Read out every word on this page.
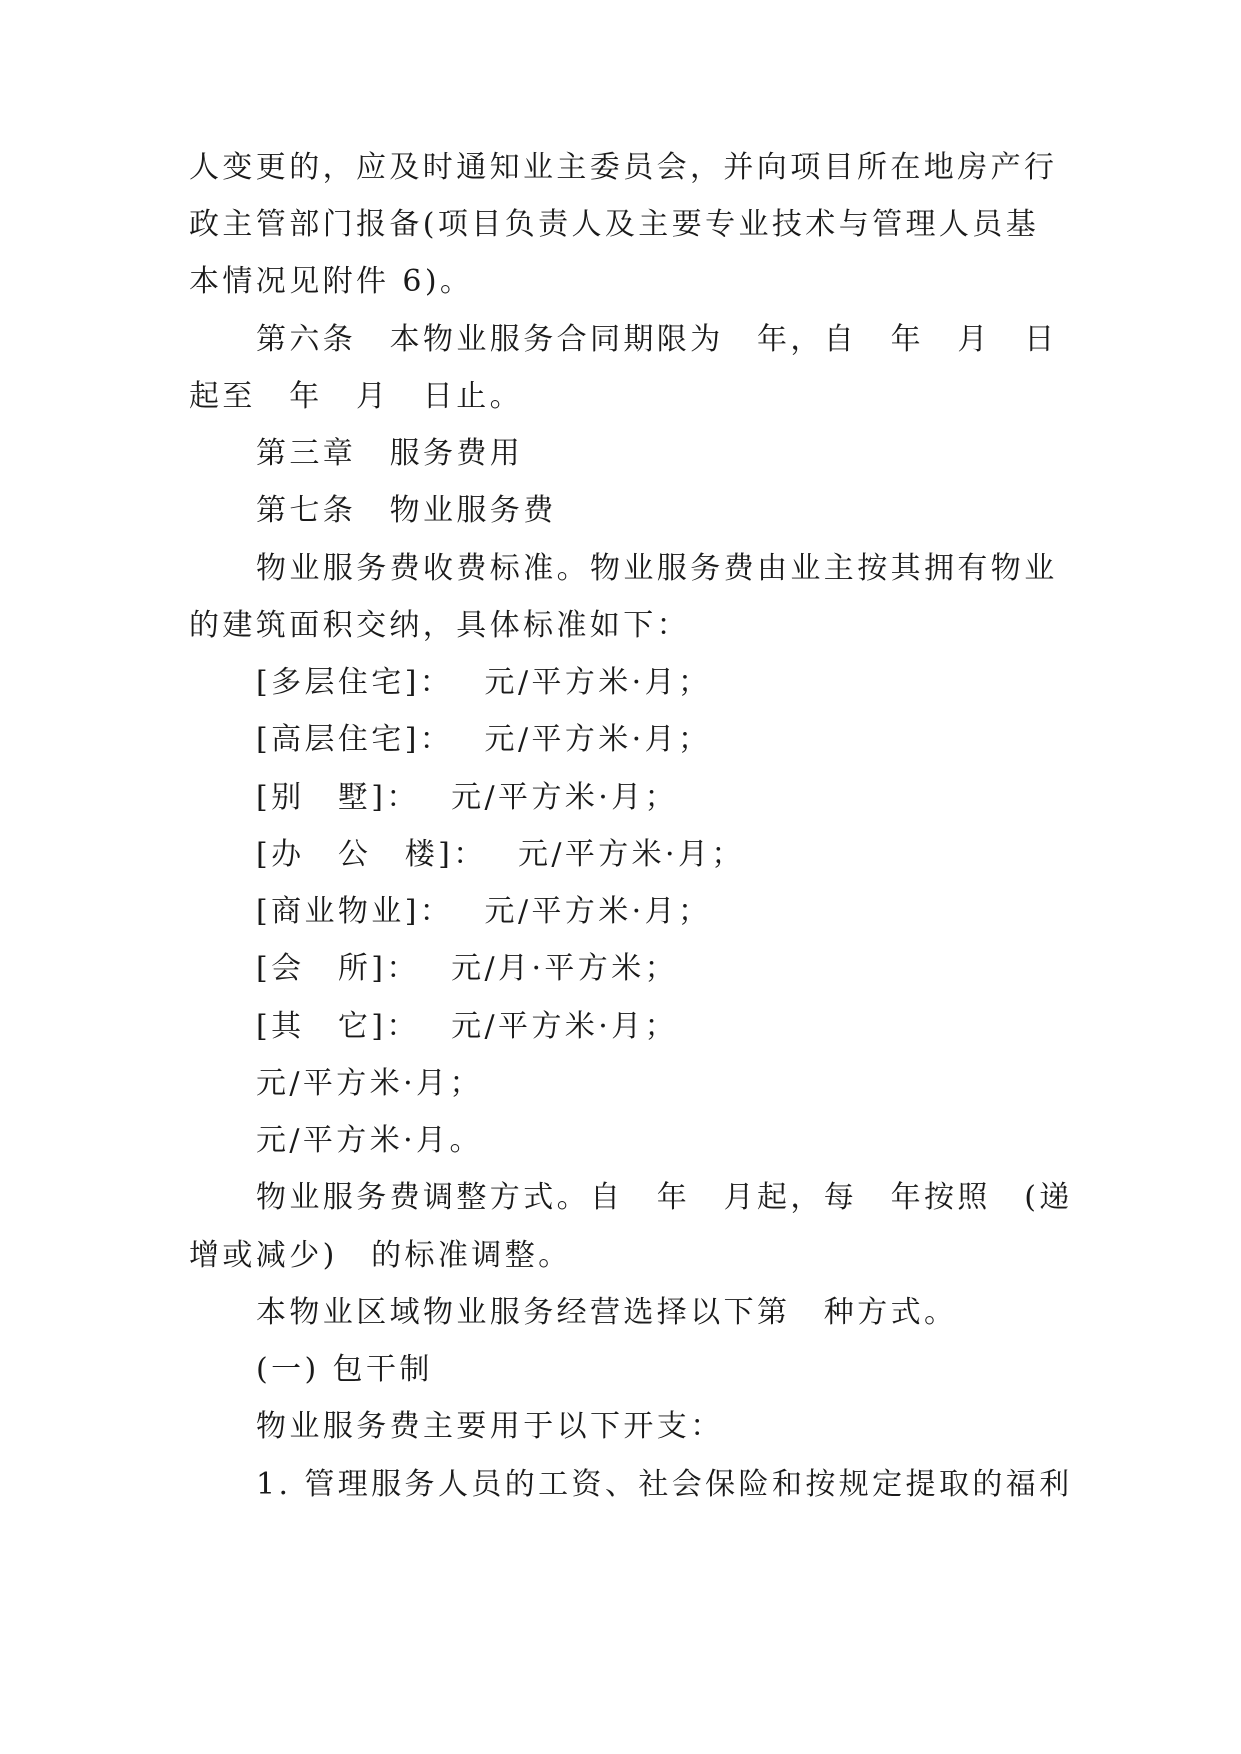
人变更的，应及时通知业主委员会，并向项目所在地房产行
政主管部门报备(项目负责人及主要专业技术与管理人员基
本情况见附件 6)。
第六条　本物业服务合同期限为　年，自　年　月　日
起至　年　月　日止。
第三章　服务费用
第七条　物业服务费
物业服务费收费标准。物业服务费由业主按其拥有物业
的建筑面积交纳，具体标准如下：
[多层住宅]：　 元/平方米·月；
[高层住宅]：　 元/平方米·月；
[别　墅]：　 元/平方米·月；
[办　公　楼]：　 元/平方米·月；
[商业物业]：　 元/平方米·月；
[会　所]：　 元/月·平方米；
[其　它]：　 元/平方米·月；
元/平方米·月；
元/平方米·月。
物业服务费调整方式。自　年　月起，每　年按照　(递
增或减少)　的标准调整。
本物业区域物业服务经营选择以下第　种方式。
(一) 包干制
物业服务费主要用于以下开支：
1. 管理服务人员的工资、社会保险和按规定提取的福利
